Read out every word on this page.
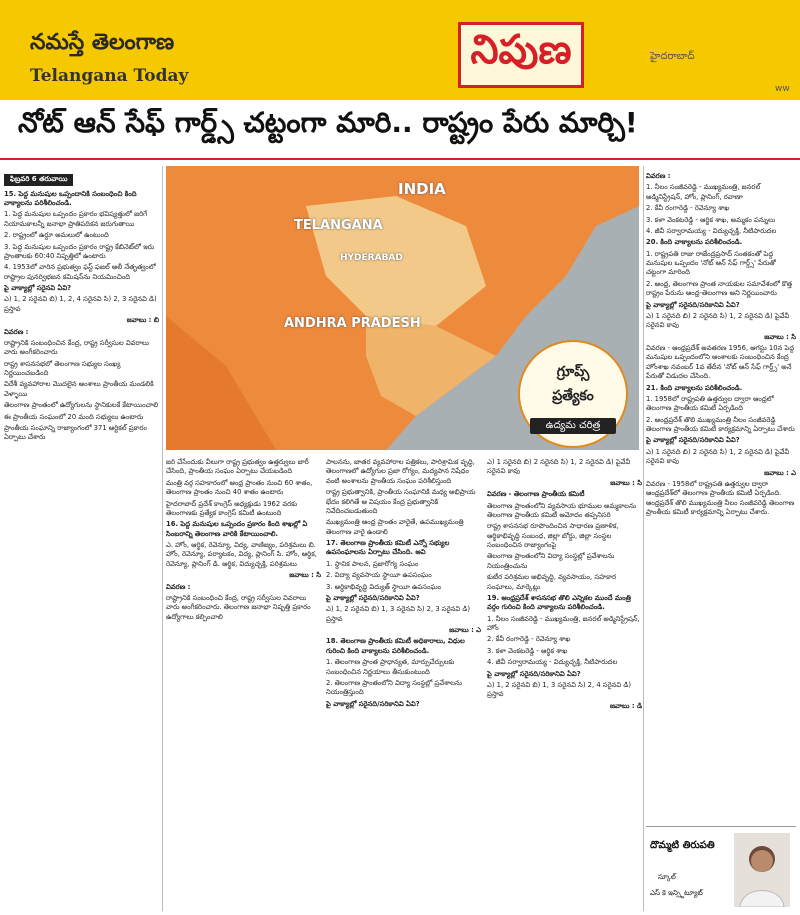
నమస్తే తెలంగాణ
Telangana Today
నిపుణ	హైదరాబాద్
ww
నోట్ ఆన్ సేఫ్ గార్డ్స్ చట్టంగా మారి.. రాష్ట్రం పేరు మార్చి!
ఫిబ్రవరి 6 తరువాయి

15. పెద్ద మనుషుల ఒప్పందానికి సంబంధించి కింది వాక్యాలను పరిశీలించండి.

1. పెద్ద మనుషుల ఒప్పందం ప్రకారం భవిష్యత్తులో జరిగే నియామకాలన్నీ జనాభా ప్రాతిపదికన జరుగుతాయి

2. రాష్ట్రంలో ఉర్దూ అమలులో ఉంటుంది

3. పెద్ద మనుషుల ఒప్పందం ప్రకారం రాష్ట్ర కేబినెట్‌లో ఇరు ప్రాంతాలకు 60:40 నిష్పత్తిలో ఉంటారు

4. 1953లో వారిన ప్రభుత్వం ఫస్ట్ ఫజల్ అలీ నేతృత్వంలో రాష్ట్రాల పునర్విభజన కమిషన్‌ను నియమించింది

పై వాక్యాల్లో సరైనవి ఏవి?

ఎ) 1, 2 సరైనవి బి) 1, 2, 4 సరైనవి సి) 2, 3 సరైనవి డి) ప్రస్తావ

జవాబు : బి

వివరణ :

రాష్ట్రానికి సంబంధించిన కేంద్ర, రాష్ట్ర సర్వీసుల వివరాలు వారు అంగీకరించారు

రాష్ట్ర శాసనసభలో తెలంగాణ సభ్యుల సంఖ్య నిర్ణయించబడింది

విదేశీ వ్యవహారాల మొదలైన అంశాలు ప్రాంతీయ మండలికి వెళ్ళాయి

తెలంగాణ ప్రాంతంలో ఉద్యోగులను స్థానికులకే కేటాయించాలి

ఈ ప్రాంతీయ సంఘంలో 20 మంది సభ్యులు ఉంటారు

ప్రాంతీయ సంఘాన్ని రాజ్యాంగంలో 371 ఆర్టికల్ ప్రకారం ఏర్పాటు చేశారు

INDIA
TELANGANA
HYDERABAD
ANDHRA PRADESH
గ్రూప్స్
ప్రత్యేకం
ఉద్యమ చరిత్ర

జరి చేసేందుకు వీలుగా రాష్ట్ర ప్రభుత్వం ఉత్తర్వులు జారీ చేసింది, ప్రాంతీయ సంఘం ఏర్పాటు చేయబడింది

మంత్రి వర్గ సహకారంలో ఆంధ్ర ప్రాంతం నుంచి 60 శాతం, తెలంగాణ ప్రాంతం నుంచి 40 శాతం ఉంటారు

హైదరాబాద్ ప్రదేశ్ కాంగ్రెస్ అధ్యక్షుడు 1962 వరకు తెలంగాణకు ప్రత్యేక కాంగ్రెస్ కమిటీ ఉంటుంది

16. పెద్ద మనుషుల ఒప్పందం ప్రకారం కింది శాఖల్లో ఏ సింబరాన్ని తెలంగాణ వారికి కేటాయించాలి.

ఎ. హోం, ఆర్థిక, రెవెన్యూ, విద్య, వాణిజ్యం, పరిశ్రమలు బి. హోం, రెవెన్యూ, పర్యాటకం, విద్య, ప్లానింగ్ సి. హోం, ఆర్థిక, రెవెన్యూ, ప్లానింగ్ డి. ఆర్థిక, విద్యుచ్ఛక్తి, పరిశ్రమలు

జవాబు : సి

వివరణ :

రాష్ట్రానికి సంబంధించి కేంద్ర, రాష్ట్ర సర్వీసుల వివరాలు వారు అంగీకరించారు. తెలంగాణ జనాభా నిష్పత్తి ప్రకారం ఉద్యోగాలు కల్పించాలి

పాలనను, జాతర వ్యవహారాల పత్రికలు, పారిశ్రామిక వృద్ధి, తెలంగాణలో ఉద్యోగుల ప్రజా రోగ్యం, మద్యపాన నిషేధం వంటి అంశాలను ప్రాంతీయ సంఘం పరిశీలిస్తుంది

రాష్ట్ర ప్రభుత్వానికి, ప్రాంతీయ సంఘానికి మధ్య అభిప్రాయ భేదం కలిగితే ఆ విషయం కేంద్ర ప్రభుత్వానికి నివేదించబడుతుంది

ముఖ్యమంత్రి ఆంధ్ర ప్రాంతం వారైతే, ఉపముఖ్యమంత్రి తెలంగాణ వారై ఉండాలి

17. తెలంగాణ ప్రాంతీయ కమిటీ ఎన్నో సభ్యుల ఉపసంఘాలను ఏర్పాటు చేసింది. అవి

1. స్థానిక పాలన, ప్రజారోగ్య సంఘం

2. విద్యా వ్యవసాయ స్థాయీ ఉపసంఘం

3. ఆర్థికాభివృద్ధి విద్యుత్ స్థాయీ ఉపసంఘం

పై వాక్యాల్లో సరైనది/సరికానివి ఏవి?

ఎ) 1, 2 సరైనవి బి) 1, 3 సరైనవి సి) 2, 3 సరైనవి డి) ప్రస్తావ

జవాబు : ఎ

18. తెలంగాణ ప్రాంతీయ కమిటీ అధికారాలు, విధుల గురించి కింది వాక్యాలను పరిశీలించండి.

1. తెలంగాణ ప్రాంత ప్రాధాన్యత, మార్పుచేర్పులకు సంబంధించిన నిర్ణయాలు తీసుకుంటుంది

2. తెలంగాణ ప్రాంతంలోని విద్యా సంస్థల్లో ప్రవేశాలను నియంత్రిస్తుంది

పై వాక్యాల్లో సరైనది/సరికానివి ఏవి?

ఎ) 1 సరైనది బి) 2 సరైనది సి) 1, 2 సరైనవి డి) పైవేవీ సరైనవి కావు

జవాబు : సి

వివరణ - తెలంగాణ ప్రాంతీయ కమిటీ

తెలంగాణ ప్రాంతంలోని వ్యవసాయ భూముల అమ్మకాలను తెలంగాణ ప్రాంతీయ కమిటీ ఆమోదం తప్పనిసరి

రాష్ట్ర శాసనసభ రూపొందించిన సాధారణ ప్రణాళిక, ఆర్థికాభివృద్ధి సంబంధ, జిల్లా బోర్డు, జిల్లా సంస్థల సంబంధించిన రాజ్యాంగంపై

తెలంగాణ ప్రాంతంలోని విద్యా సంస్థల్లో ప్రవేశాలను నియంత్రించును

కుటీర పరిశ్రమల అభివృద్ధి, వ్యవసాయం, సహకార సంఘాలు, మార్కెట్లు

19. ఆంధ్రప్రదేశ్ శాసనసభ తొలి ఎన్నికల ముందే మంత్రి వర్గం గురించి కింది వాక్యాలను పరిశీలించండి.

1. నీలం సంజీవరెడ్డి - ముఖ్యమంత్రి, జనరల్ అడ్మినిస్ట్రేషన్, హోం

2. కేవీ రంగారెడ్డి - రెవెన్యూ శాఖ

3. కళా వెంకటరెడ్డి - ఆర్థిక శాఖ

4. జీవీ సర్వారామయ్య - విద్యుచ్ఛక్తి, నీటిపారుదల

పై వాక్యాల్లో సరైనది/సరికానివి ఏవి?

ఎ) 1, 2 సరైనవి బి) 1, 3 సరైనవి సి) 2, 4 సరైనవి డి) ప్రస్తావ

జవాబు : డి

వివరణ :

1. నీలం సంజీవరెడ్డి - ముఖ్యమంత్రి, జనరల్ అడ్మినిస్ట్రేషన్, హోం, ప్లానింగ్, రవాణా

2. కేవీ రంగారెడ్డి - రెవెన్యూ శాఖ

3. కళా వెంకటరెడ్డి - ఆర్థిక శాఖ, అమ్మకం పన్నులు

4. జీవీ సర్వారామయ్య - విద్యుచ్ఛక్తి, నీటిపారుదల

20. కింది వాక్యాలను పరిశీలించండి.

1. రాష్ట్రపతి రాజు రాజేంద్రప్రసాద్ సంతకంతో పెద్ద మనుషుల ఒప్పందం 'నోట్ ఆన్ సేఫ్ గార్డ్స్' పేరుతో చట్టంగా మారింది

2. ఆంధ్ర, తెలంగాణ ప్రాంత నాయకుల సమావేశంలో కొత్త రాష్ట్రం పేరును ఆంధ్ర-తెలంగాణ అని నిర్ణయించారు

పై వాక్యాల్లో సరైనది/సరికానివి ఏవి?

ఎ) 1 సరైనది బి) 2 సరైనది సి) 1, 2 సరైనవి డి) పైవేవీ సరైనవి కావు

జవాబు : సి

వివరణ - ఆంధ్రప్రదేశ్ అవతరణ 1956, ఆగస్టు 10న పెద్ద మనుషుల ఒప్పందంలోని అంశాలకు సంబంధించిన కేంద్ర హోంశాఖ నవంబర్ 1వ తేదీన 'నోట్ ఆన్ సేఫ్ గార్డ్స్' అనే పేరుతో విడుదల చేసింది.

21. కింది వాక్యాలను పరిశీలించండి.

1. 1958లో రాష్ట్రపతి ఉత్తర్వుల ద్వారా ఆంధ్రలో తెలంగాణ ప్రాంతీయ కమిటీ ఏర్పడింది

2. ఆంధ్రప్రదేశ్ తొలి ముఖ్యమంత్రి నీలం సంజీవరెడ్డి తెలంగాణ ప్రాంతీయ కమిటీ కార్యక్రమాన్ని ఏర్పాటు చేశారు

పై వాక్యాల్లో సరైనది/సరికానివి ఏవి?

ఎ) 1 సరైనది బి) 2 సరైనది సి) 1, 2 సరైనవి డి) పైవేవీ సరైనవి కావు

జవాబు : ఎ

వివరణ - 1958లో రాష్ట్రపతి ఉత్తర్వుల ద్వారా ఆంధ్రప్రదేశ్‌లో తెలంగాణ ప్రాంతీయ కమిటీ ఏర్పడింది. ఆంధ్రప్రదేశ్ తొలి ముఖ్యమంత్రి నీలం సంజీవరెడ్డి తెలంగాణ ప్రాంతీయ కమిటీ కార్యక్రమాన్ని ఏర్పాటు చేశారు.

దొమ్మటి తిరుపతి
స్కూల్
ఎస్ కె ఇన్స్టిట్యూట్
